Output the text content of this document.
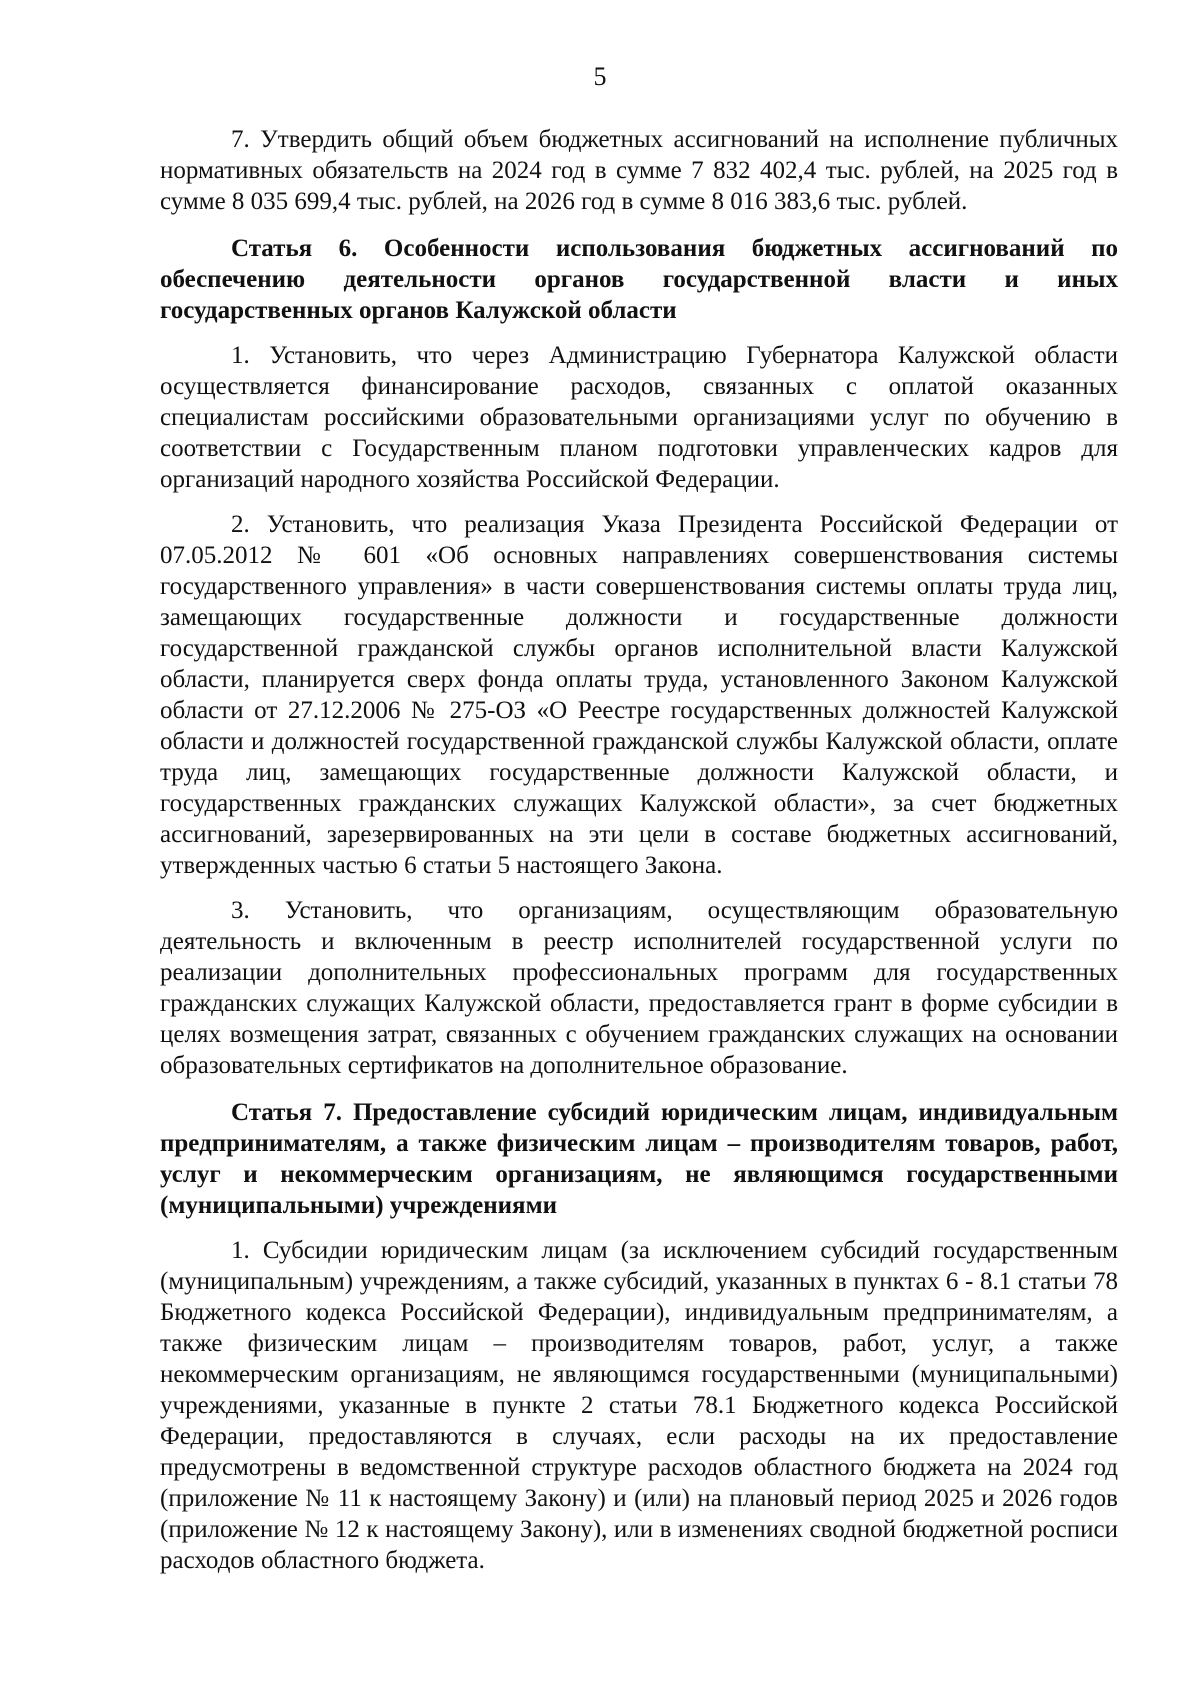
5

7. Утвердить общий объем бюджетных ассигнований на исполнение публичных нормативных обязательств на 2024 год в сумме 7 832 402,4 тыс. рублей, на 2025 год в сумме 8 035 699,4 тыс. рублей, на 2026 год в сумме 8 016 383,6 тыс. рублей.

Статья 6. Особенности использования бюджетных ассигнований по обеспечению деятельности органов государственной власти и иных государственных органов Калужской области

1. Установить, что через Администрацию Губернатора Калужской области осуществляется финансирование расходов, связанных с оплатой оказанных специалистам российскими образовательными организациями услуг по обучению в соответствии с Государственным планом подготовки управленческих кадров для организаций народного хозяйства Российской Федерации.

2. Установить, что реализация Указа Президента Российской Федерации от 07.05.2012 № 601 «Об основных направлениях совершенствования системы государственного управления» в части совершенствования системы оплаты труда лиц, замещающих государственные должности и государственные должности государственной гражданской службы органов исполнительной власти Калужской области, планируется сверх фонда оплаты труда, установленного Законом Калужской области от 27.12.2006 № 275-ОЗ «О Реестре государственных должностей Калужской области и должностей государственной гражданской службы Калужской области, оплате труда лиц, замещающих государственные должности Калужской области, и государственных гражданских служащих Калужской области», за счет бюджетных ассигнований, зарезервированных на эти цели в составе бюджетных ассигнований, утвержденных частью 6 статьи 5 настоящего Закона.

3. Установить, что организациям, осуществляющим образовательную деятельность и включенным в реестр исполнителей государственной услуги по реализации дополнительных профессиональных программ для государственных гражданских служащих Калужской области, предоставляется грант в форме субсидии в целях возмещения затрат, связанных с обучением гражданских служащих на основании образовательных сертификатов на дополнительное образование.

Статья 7. Предоставление субсидий юридическим лицам, индивидуальным предпринимателям, а также физическим лицам – производителям товаров, работ, услуг и некоммерческим организациям, не являющимся государственными (муниципальными) учреждениями

1. Субсидии юридическим лицам (за исключением субсидий государственным (муниципальным) учреждениям, а также субсидий, указанных в пунктах 6 - 8.1 статьи 78 Бюджетного кодекса Российской Федерации), индивидуальным предпринимателям, а также физическим лицам – производителям товаров, работ, услуг, а также некоммерческим организациям, не являющимся государственными (муниципальными) учреждениями, указанные в пункте 2 статьи 78.1 Бюджетного кодекса Российской Федерации, предоставляются в случаях, если расходы на их предоставление предусмотрены в ведомственной структуре расходов областного бюджета на 2024 год (приложение № 11 к настоящему Закону) и (или) на плановый период 2025 и 2026 годов (приложение № 12 к настоящему Закону), или в изменениях сводной бюджетной росписи расходов областного бюджета.
